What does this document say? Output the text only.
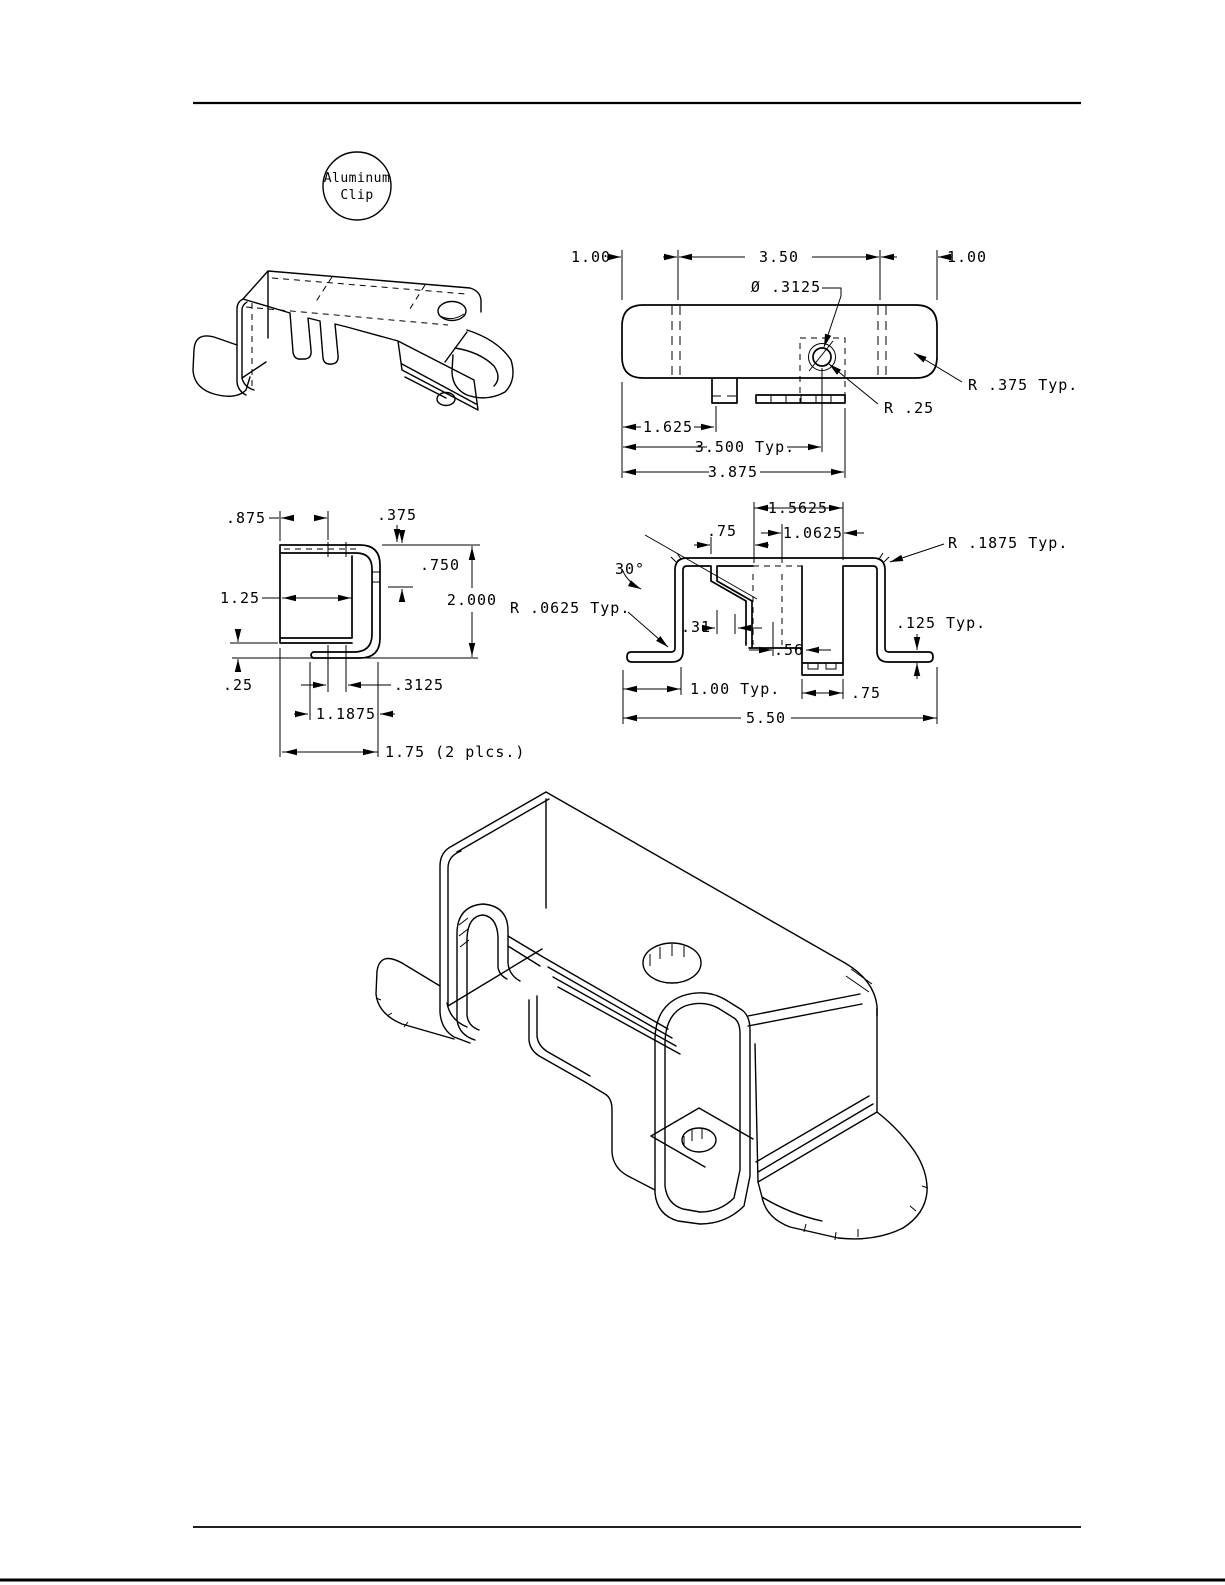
Aluminum
Clip
1.00	3.50	1.00
Ø .3125
R .375 Typ.
R .25
1.625
3.500 Typ.
3.875
.875	.375
.750
1.25	2.000
.25	.3125
1.1875
1.75 (2 plcs.)
1.5625
.75	1.0625
R .1875 Typ.
30°
R .0625 Typ.
.31
.56
.125 Typ.
1.00 Typ.	.75
5.50
